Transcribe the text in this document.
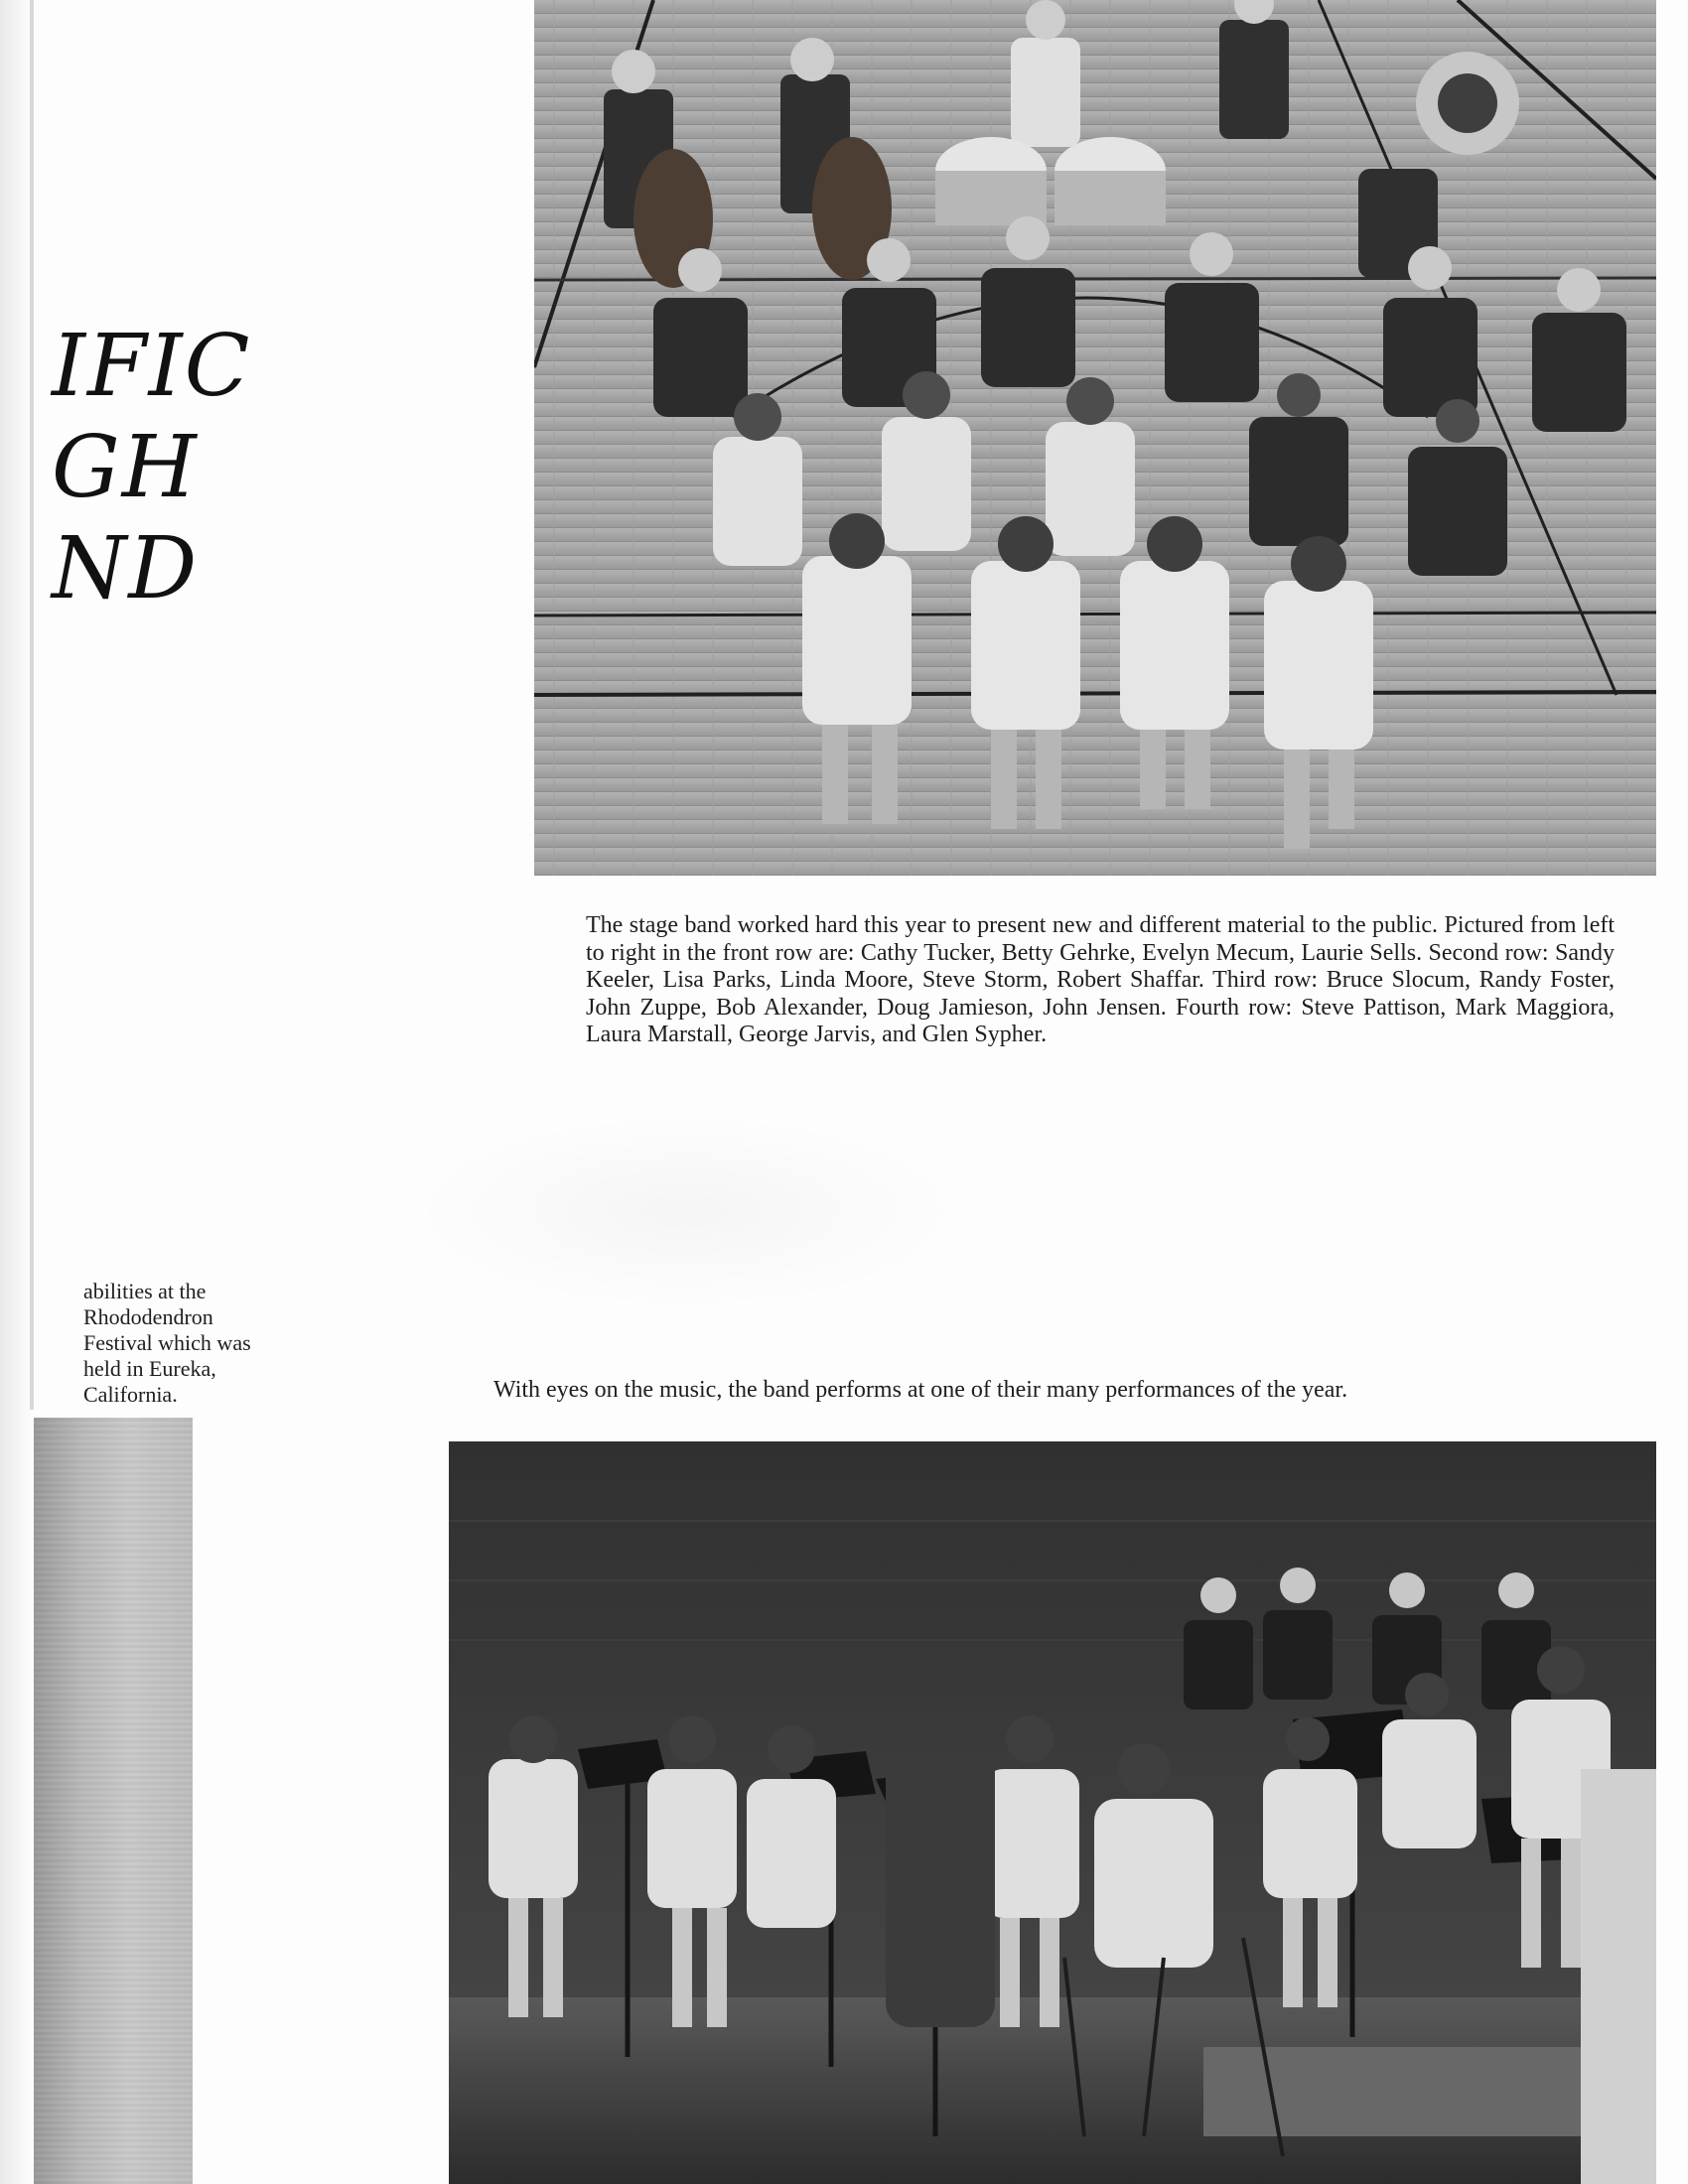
IFIC
GH
ND

The stage band worked hard this year to present new and different material to the public. Pictured from left to right in the front row are: Cathy Tucker, Betty Gehrke, Evelyn Mecum, Laurie Sells. Second row: Sandy Keeler, Lisa Parks, Linda Moore, Steve Storm, Robert Shaffar. Third row: Bruce Slocum, Randy Foster, John Zuppe, Bob Alexander, Doug Jamieson, John Jensen. Fourth row: Steve Pattison, Mark Maggiora, Laura Marstall, George Jarvis, and Glen Sypher.

abilities at the
Rhododendron
Festival which was
held in Eureka,
California.	With eyes on the music, the band performs at one of their many performances of the year.
